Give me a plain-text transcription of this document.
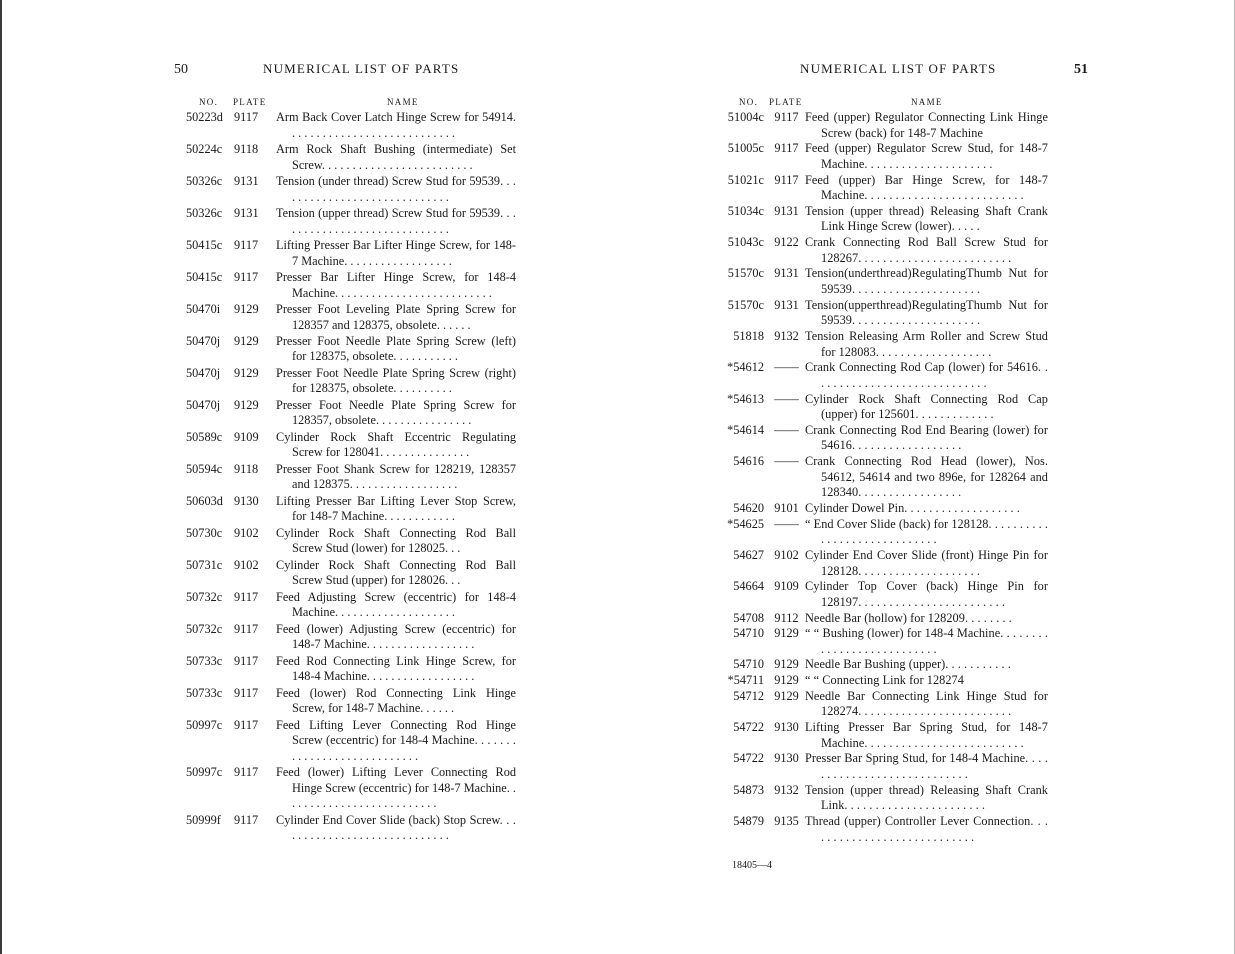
50	NUMERICAL LIST OF PARTS
NO. PLATE	NAME
50223d 9117	Arm Back Cover Latch Hinge Screw for 54914. . . . . . . . . . . . . . . . . . . . . . . . . . . .
50224c 9118	Arm Rock Shaft Bushing (intermediate) Set Screw. . . . . . . . . . . . . . . . . . . . . . . . .
50326c 9131	Tension (under thread) Screw Stud for 59539. . . . . . . . . . . . . . . . . . . . . . . . . . . . .
50326c 9131	Tension (upper thread) Screw Stud for 59539. . . . . . . . . . . . . . . . . . . . . . . . . . . . .
50415c 9117	Lifting Presser Bar Lifter Hinge Screw, for 148-7 Machine. . . . . . . . . . . . . . . . . .
50415c 9117	Presser Bar Lifter Hinge Screw, for 148-4 Machine. . . . . . . . . . . . . . . . . . . . . . . . . .
50470i	9129	Presser Foot Leveling Plate Spring Screw for 128357 and 128375, obsolete. . . . . .
50470j	9129	Presser Foot Needle Plate Spring Screw (left) for 128375, obsolete. . . . . . . . . . .
50470j	9129	Presser Foot Needle Plate Spring Screw (right) for 128375, obsolete. . . . . . . . . .
50470j	9129	Presser Foot Needle Plate Spring Screw for 128357, obsolete. . . . . . . . . . . . . . . .
50589c 9109	Cylinder Rock Shaft Eccentric Regulating Screw for 128041. . . . . . . . . . . . . . .
50594c 9118	Presser Foot Shank Screw for 128219, 128357 and 128375. . . . . . . . . . . . . . . . . .
50603d 9130	Lifting Presser Bar Lifting Lever Stop Screw, for 148-7 Machine. . . . . . . . . . . .
50730c 9102	Cylinder Rock Shaft Connecting Rod Ball Screw Stud (lower) for 128025. . .
50731c 9102	Cylinder Rock Shaft Connecting Rod Ball Screw Stud (upper) for 128026. . .
50732c 9117	Feed Adjusting Screw (eccentric) for 148-4 Machine. . . . . . . . . . . . . . . . . . . .
50732c 9117	Feed (lower) Adjusting Screw (eccentric) for 148-7 Machine. . . . . . . . . . . . . . . . . .
50733c 9117	Feed Rod Connecting Link Hinge Screw, for 148-4 Machine. . . . . . . . . . . . . . . . . .
50733c 9117	Feed (lower) Rod Connecting Link Hinge Screw, for 148-7 Machine. . . . . .
50997c 9117	Feed Lifting Lever Connecting Rod Hinge Screw (eccentric) for 148-4 Machine. . . . . . . . . . . . . . . . . . . . . . . . . . . .
50997c 9117	Feed (lower) Lifting Lever Connecting Rod Hinge Screw (eccentric) for 148-7 Machine. . . . . . . . . . . . . . . . . . . . . . . . . .
50999f	9117	Cylinder End Cover Slide (back) Stop Screw. . . . . . . . . . . . . . . . . . . . . . . . . . . . .
NUMERICAL LIST OF PARTS	51
NO. PLATE	NAME
51004c 9117 Feed (upper) Regulator Connecting Link Hinge Screw (back) for 148-7 Machine
51005c 9117 Feed (upper) Regulator Screw Stud, for 148-7 Machine. . . . . . . . . . . . . . . . . . . . .
51021c 9117 Feed (upper) Bar Hinge Screw, for 148-7 Machine. . . . . . . . . . . . . . . . . . . . . . . . . .
51034c 9131 Tension (upper thread) Releasing Shaft Crank Link Hinge Screw (lower). . . . .
51043c 9122 Crank Connecting Rod Ball Screw Stud for 128267. . . . . . . . . . . . . . . . . . . . . . . . .
51570c 9131 Tension(underthread)RegulatingThumb Nut for 59539. . . . . . . . . . . . . . . . . . . . .
51570c 9131 Tension(upperthread)RegulatingThumb Nut for 59539. . . . . . . . . . . . . . . . . . . . .
51818 9132 Tension Releasing Arm Roller and Screw Stud for 128083. . . . . . . . . . . . . . . . . . .
*54612 —— Crank Connecting Rod Cap (lower) for 54616. . . . . . . . . . . . . . . . . . . . . . . . . . . . .
*54613 —— Cylinder Rock Shaft Connecting Rod Cap (upper) for 125601. . . . . . . . . . . . .
*54614 —— Crank Connecting Rod End Bearing (lower) for 54616. . . . . . . . . . . . . . . . . .
54616 —— Crank Connecting Rod Head (lower), Nos. 54612, 54614 and two 896e, for 128264 and 128340. . . . . . . . . . . . . . . . .
54620 9101 Cylinder Dowel Pin. . . . . . . . . . . . . . . . . . .
*54625 —— “ End Cover Slide (back) for 128128. . . . . . . . . . . . . . . . . . . . . . . . . . . . .
54627 9102 Cylinder End Cover Slide (front) Hinge Pin for 128128. . . . . . . . . . . . . . . . . . . .
54664 9109 Cylinder Top Cover (back) Hinge Pin for 128197. . . . . . . . . . . . . . . . . . . . . . . .
54708 9112 Needle Bar (hollow) for 128209. . . . . . . .
54710 9129 “ “ Bushing (lower) for 148-4 Machine. . . . . . . . . . . . . . . . . . . . . . . . . . .
54710 9129 Needle Bar Bushing (upper). . . . . . . . . . .
*54711 9129 “ “ Connecting Link for 128274
54712 9129 Needle Bar Connecting Link Hinge Stud for 128274. . . . . . . . . . . . . . . . . . . . . . . . .
54722 9130 Lifting Presser Bar Spring Stud, for 148-7 Machine. . . . . . . . . . . . . . . . . . . . . . . . . .
54722 9130 Presser Bar Spring Stud, for 148-4 Machine. . . . . . . . . . . . . . . . . . . . . . . . . . . .
54873 9132 Tension (upper thread) Releasing Shaft Crank Link. . . . . . . . . . . . . . . . . . . . . . .
54879 9135 Thread (upper) Controller Lever Connection. . . . . . . . . . . . . . . . . . . . . . . . . . . .
18405—4
